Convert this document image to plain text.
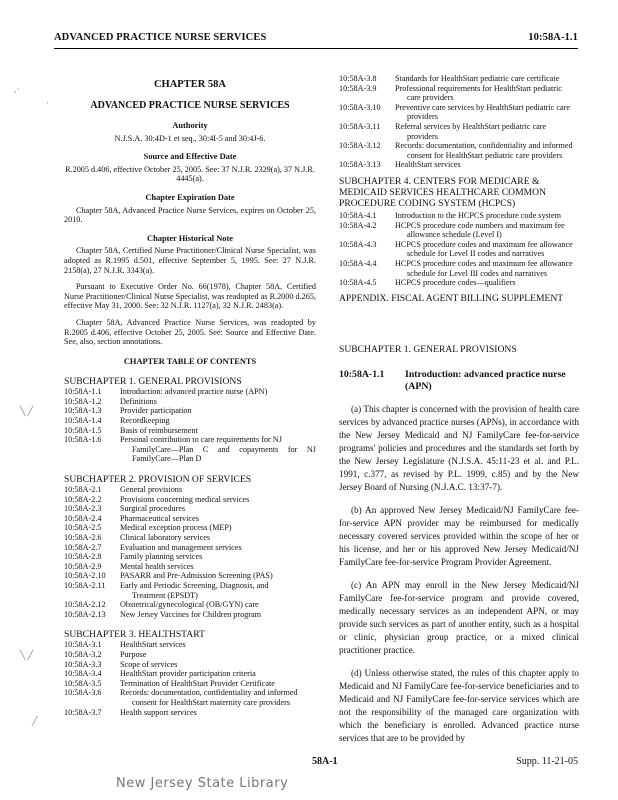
ADVANCED PRACTICE NURSE SERVICES	10:58A-1.1
,·
·
╲ ╱
╲ ╱
╱
CHAPTER 58A
ADVANCED PRACTICE NURSE SERVICES
Authority
N.J.S.A. 30:4D-1 et seq., 30:4I-5 and 30:4J-6.
Source and Effective Date
R.2005 d.406, effective October 25, 2005. See: 37 N.J.R. 2329(a), 37 N.J.R. 4445(a).
Chapter Expiration Date
Chapter 58A, Advanced Practice Nurse Services, expires on October 25, 2010.
Chapter Historical Note
Chapter 58A, Certified Nurse Practitioner/Clinical Nurse Specialist, was adopted as R.1995 d.501, effective September 5, 1995. See: 27 N.J.R. 2158(a), 27 N.J.R. 3343(a).
Pursuant to Executive Order No. 66(1978), Chapter 58A, Certified Nurse Practitioner/Clinical Nurse Specialist, was readopted as R.2000 d.265, effective May 31, 2000. See: 32 N.J.R. 1127(a), 32 N.J.R. 2483(a).
Chapter 58A, Advanced Practice Nurse Services, was readopted by R.2005 d.406, effective October 25, 2005. See: Source and Effective Date. See, also, section annotations.
CHAPTER TABLE OF CONTENTS
SUBCHAPTER 1. GENERAL PROVISIONS
10:58A-1.1	Introduction: advanced practice nurse (APN)
10:58A-1.2	Definitions
10:58A-1.3	Provider participation
10:58A-1.4	Recordkeeping
10:58A-1.5	Basis of reimbursement
10:58A-1.6	Personal contribution to care requirements for NJ
FamilyCare—Plan C and copayments for NJ FamilyCare—Plan D
SUBCHAPTER 2. PROVISION OF SERVICES
10:58A-2.1	General provisions
10:58A-2.2	Provisions concerning medical services
10:58A-2.3	Surgical procedures
10:58A-2.4	Pharmaceutical services
10:58A-2.5	Medical exception process (MEP)
10:58A-2.6	Clinical laboratory services
10:58A-2.7	Evaluation and management services
10:58A-2.8	Family planning services
10:58A-2.9	Mental health services
10:58A-2.10	PASARR and Pre-Admission Screening (PAS)
10:58A-2.11	Early and Periodic Screening, Diagnosis, and
Treatment (EPSDT)
10:58A-2.12	Obstetrical/gynecological (OB/GYN) care
10:58A-2.13	New Jersey Vaccines for Children program
SUBCHAPTER 3. HEALTHSTART
10:58A-3.1	HealthStart services
10:58A-3.2	Purpose
10:58A-3.3	Scope of services
10:58A-3.4	HealthStart provider participation criteria
10:58A-3.5	Termination of HealthStart Provider Certificate
10:58A-3.6	Records: documentation, confidentiality and informed
consent for HealthStart maternity care providers
10:58A-3.7	Health support services
10:58A-3.8	Standards for HealthStart pediatric care certificate
10:58A-3.9	Professional requirements for HealthStart pediatric
care providers
10:58A-3.10	Preventive care services by HealthStart pediatric care
providers
10:58A-3.11	Referral services by HealthStart pediatric care
providers
10:58A-3.12	Records: documentation, confidentiality and informed
consent for HealthStart pediatric care providers
10:58A-3.13	HealthStart services
SUBCHAPTER 4. CENTERS FOR MEDICARE & MEDICAID SERVICES HEALTHCARE COMMON PROCEDURE CODING SYSTEM (HCPCS)
10:58A-4.1	Introduction to the HCPCS procedure code system
10:58A-4.2	HCPCS procedure code numbers and maximum fee
allowance schedule (Level I)
10:58A-4.3	HCPCS procedure codes and maximum fee allowance
schedule for Level II codes and narratives
10:58A-4.4	HCPCS procedure codes and maximum fee allowance
schedule for Level III codes and narratives
10:58A-4.5	HCPCS procedure codes—qualifiers
APPENDIX. FISCAL AGENT BILLING SUPPLEMENT
SUBCHAPTER 1. GENERAL PROVISIONS
10:58A-1.1	Introduction: advanced practice nurse (APN)
(a) This chapter is concerned with the provision of health care services by advanced practice nurses (APNs), in accordance with the New Jersey Medicaid and NJ FamilyCare fee-for-service programs' policies and procedures and the standards set forth by the New Jersey Legislature (N.J.S.A. 45:11-23 et al. and P.L. 1991, c.377, as revised by P.L. 1999, c.85) and by the New Jersey Board of Nursing (N.J.A.C. 13:37-7).
(b) An approved New Jersey Medicaid/NJ FamilyCare fee-for-service APN provider may be reimbursed for medically necessary covered services provided within the scope of her or his license, and her or his approved New Jersey Medicaid/NJ FamilyCare fee-for-service Program Provider Agreement.
(c) An APN may enroll in the New Jersey Medicaid/NJ FamilyCare fee-for-service program and provide covered, medically necessary services as an independent APN, or may provide such services as part of another entity, such as a hospital or clinic, physician group practice, or a mixed clinical practitioner practice.
(d) Unless otherwise stated, the rules of this chapter apply to Medicaid and NJ FamilyCare fee-for-service beneficiaries and to Medicaid and NJ FamilyCare fee-for-service services which are not the responsibility of the managed care organization with which the beneficiary is enrolled. Advanced practice nurse services that are to be provided by
58A-1	Supp. 11-21-05
New Jersey State Library
